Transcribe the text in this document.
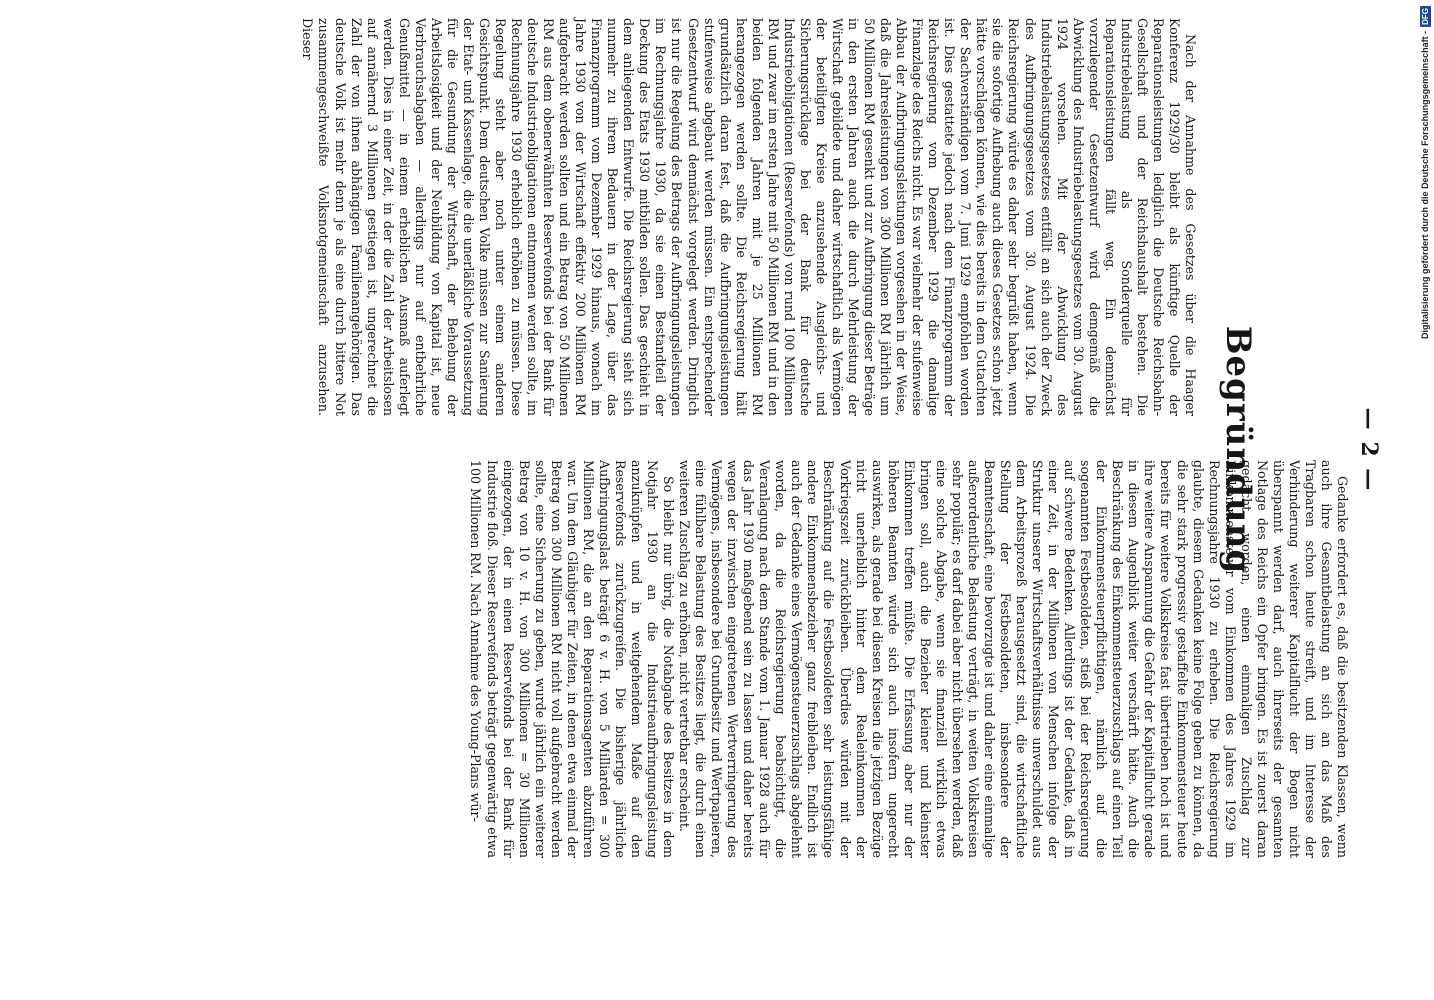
— 2 —
Begründung

Nach der Annahme des Gesetzes über die Haager Konferenz 1929/30 bleibt als künftige Quelle der Reparationsleistungen lediglich die Deutsche Reichsbahn-Gesellschaft und der Reichshaushalt bestehen. Die Industriebelastung als Sonderquelle für Reparationsleistungen fällt weg. Ein demnächst vorzulegender Gesetzentwurf wird demgemäß die Abwicklung des Industriebelastungsgesetzes vom 30. August 1924 vorsehen. Mit der Abwicklung des Industriebelastungsgesetzes entfällt an sich auch der Zweck des Aufbringungsgesetzes vom 30. August 1924. Die Reichsregierung würde es daher sehr begrüßt haben, wenn sie die sofortige Aufhebung auch dieses Gesetzes schon jetzt hätte vorschlagen können, wie dies bereits in dem Gutachten der Sachverständigen vom 7. Juni 1929 empfohlen worden ist. Dies gestattete jedoch nach dem Finanzprogramm der Reichsregierung vom Dezember 1929 die damalige Finanzlage des Reichs nicht. Es war vielmehr der stufenweise Abbau der Aufbringungsleistungen vorgesehen in der Weise, daß die Jahresleistungen von 300 Millionen RM jährlich um 50 Millionen RM gesenkt und zur Aufbringung dieser Beträge in den ersten Jahren auch die durch Mehrleistung der Wirtschaft gebildete und daher wirtschaftlich als Vermögen der beteiligten Kreise anzusehende Ausgleichs- und Sicherungsrücklage bei der Bank für deutsche Industrieobligationen (Reservefonds) von rund 100 Millionen RM und zwar im ersten Jahre mit 50 Millionen RM und in den beiden folgenden Jahren mit je 25 Millionen RM herangezogen werden sollte. Die Reichsregierung hält grundsätzlich daran fest, daß die Aufbringungsleistungen stufenweise abgebaut werden müssen. Ein entsprechender Gesetzentwurf wird demnächst vorgelegt werden. Dringlich ist nur die Regelung des Betrags der Aufbringungsleistungen im Rechnungsjahre 1930, da sie einen Bestandteil der Deckung des Etats 1930 mitbilden sollen. Das geschieht in dem anliegenden Entwurfe. Die Reichsregierung sieht sich nunmehr zu ihrem Bedauern in der Lage, über das Finanzprogramm vom Dezember 1929 hinaus, wonach im Jahre 1930 von der Wirtschaft effektiv 200 Millionen RM aufgebracht werden sollten und ein Betrag von 50 Millionen RM aus dem obenerwähnten Reservefonds bei der Bank für deutsche Industrieobligationen entnommen werden sollte, im Rechnungsjahre 1930 erheblich erhöhen zu müssen. Diese Regelung steht aber noch unter einem anderen Gesichtspunkt. Dem deutschen Volke müssen zur Sanierung der Etat- und Kassenlage, die die unerläßliche Voraussetzung für die Gesundung der Wirtschaft, der Behebung der Arbeitslosigkeit und der Neubildung von Kapital ist, neue Verbrauchsabgaben — allerdings nur auf entbehrliche Genußmittel — in einem erheblichen Ausmaß auferlegt werden. Dies in einer Zeit, in der die Zahl der Arbeitslosen auf annähernd 3 Millionen gestiegen ist, ungerechnet die Zahl der von ihnen abhängigen Familienangehörigen. Das deutsche Volk ist mehr denn je als eine durch bittere Not zusammengeschweißte Volksnotgemeinschaft anzusehen. Dieser

Gedanke erfordert es, daß die besitzenden Klassen, wenn auch ihre Gesamtbelastung an sich an das Maß des Tragbaren schon heute streift, und im Interesse der Verhinderung weiterer Kapitalflucht der Bogen nicht überspannt werden darf, auch ihrerseits der gesamten Notlage des Reichs ein Opfer bringen. Es ist zuerst daran gedacht worden, einen einmaligen Zuschlag zur Einkommensteuer vom Einkommen des Jahres 1929 im Rechnungsjahre 1930 zu erheben. Die Reichsregierung glaubte, diesem Gedanken keine Folge geben zu können, da die sehr stark progressiv gestaffelte Einkommensteuer heute bereits für weitere Volkskreise fast übertrieben hoch ist und ihre weitere Anspannung die Gefahr der Kapitalflucht gerade in diesem Augenblick weiter verschärft hätte. Auch die Beschränkung des Einkommensteuerzuschlags auf einen Teil der Einkommensteuerpflichtigen, nämlich auf die sogenannten Festbesoldeten, stieß bei der Reichsregierung auf schwere Bedenken. Allerdings ist der Gedanke, daß in einer Zeit, in der Millionen von Menschen infolge der Struktur unserer Wirtschaftsverhältnisse unverschuldet aus dem Arbeitsprozeß herausgesetzt sind, die wirtschaftliche Stellung der Festbesoldeten, insbesondere der Beamtenschaft, eine bevorzugte ist und daher eine einmalige außerordentliche Belastung verträgt, in weiten Volkskreisen sehr populär; es darf dabei aber nicht übersehen werden, daß eine solche Abgabe, wenn sie finanziell wirklich etwas bringen soll, auch die Bezieher kleiner und kleinster Einkommen treffen müßte. Die Erfassung aber nur der höheren Beamten würde sich auch insofern ungerecht auswirken, als gerade bei diesen Kreisen die jetzigen Bezüge nicht unerheblich hinter dem Realeinkommen der Vorkriegszeit zurückbleiben. Überdies würden mit der Beschränkung auf die Festbesoldeten sehr leistungsfähige andere Einkommensbezieher ganz freibleiben. Endlich ist auch der Gedanke eines Vermögensteuerzuschlags abgelehnt worden, da die Reichsregierung beabsichtigt, die Veranlagung nach dem Stande vom 1. Januar 1928 auch für das Jahr 1930 maßgebend sein zu lassen und daher bereits wegen der inzwischen eingetretenen Wertverringerung des Vermögens, insbesondere bei Grundbesitz und Wertpapieren, eine fühlbare Belastung des Besitzes liegt, die durch einen weiteren Zuschlag zu erhöhen, nicht vertretbar erscheint.

So bleibt nur übrig, die Notabgabe des Besitzes in dem Notjahr 1930 an die Industrieaufbringungsleistung anzuknüpfen und in weitgehendem Maße auf den Reservefonds zurückzugreifen. Die bisherige jährliche Aufbringungslast beträgt 6 v. H. von 5 Milliarden = 300 Millionen RM, die an den Reparationsagenten abzuführen war. Um dem Gläubiger für Zeiten, in denen etwa einmal der Betrag von 300 Millionen RM nicht voll aufgebracht werden sollte, eine Sicherung zu geben, wurde jährlich ein weiterer Betrag von 10 v. H. von 300 Millionen = 30 Millionen eingezogen, der in einen Reservefonds bei der Bank für Industrie floß. Dieser Reservefonds beträgt gegenwärtig etwa 100 Millionen RM. Nach Annahme des Young-Plans wür-

Digitalisierung gefördert durch die Deutsche Forschungsgemeinschaft -
DFG
